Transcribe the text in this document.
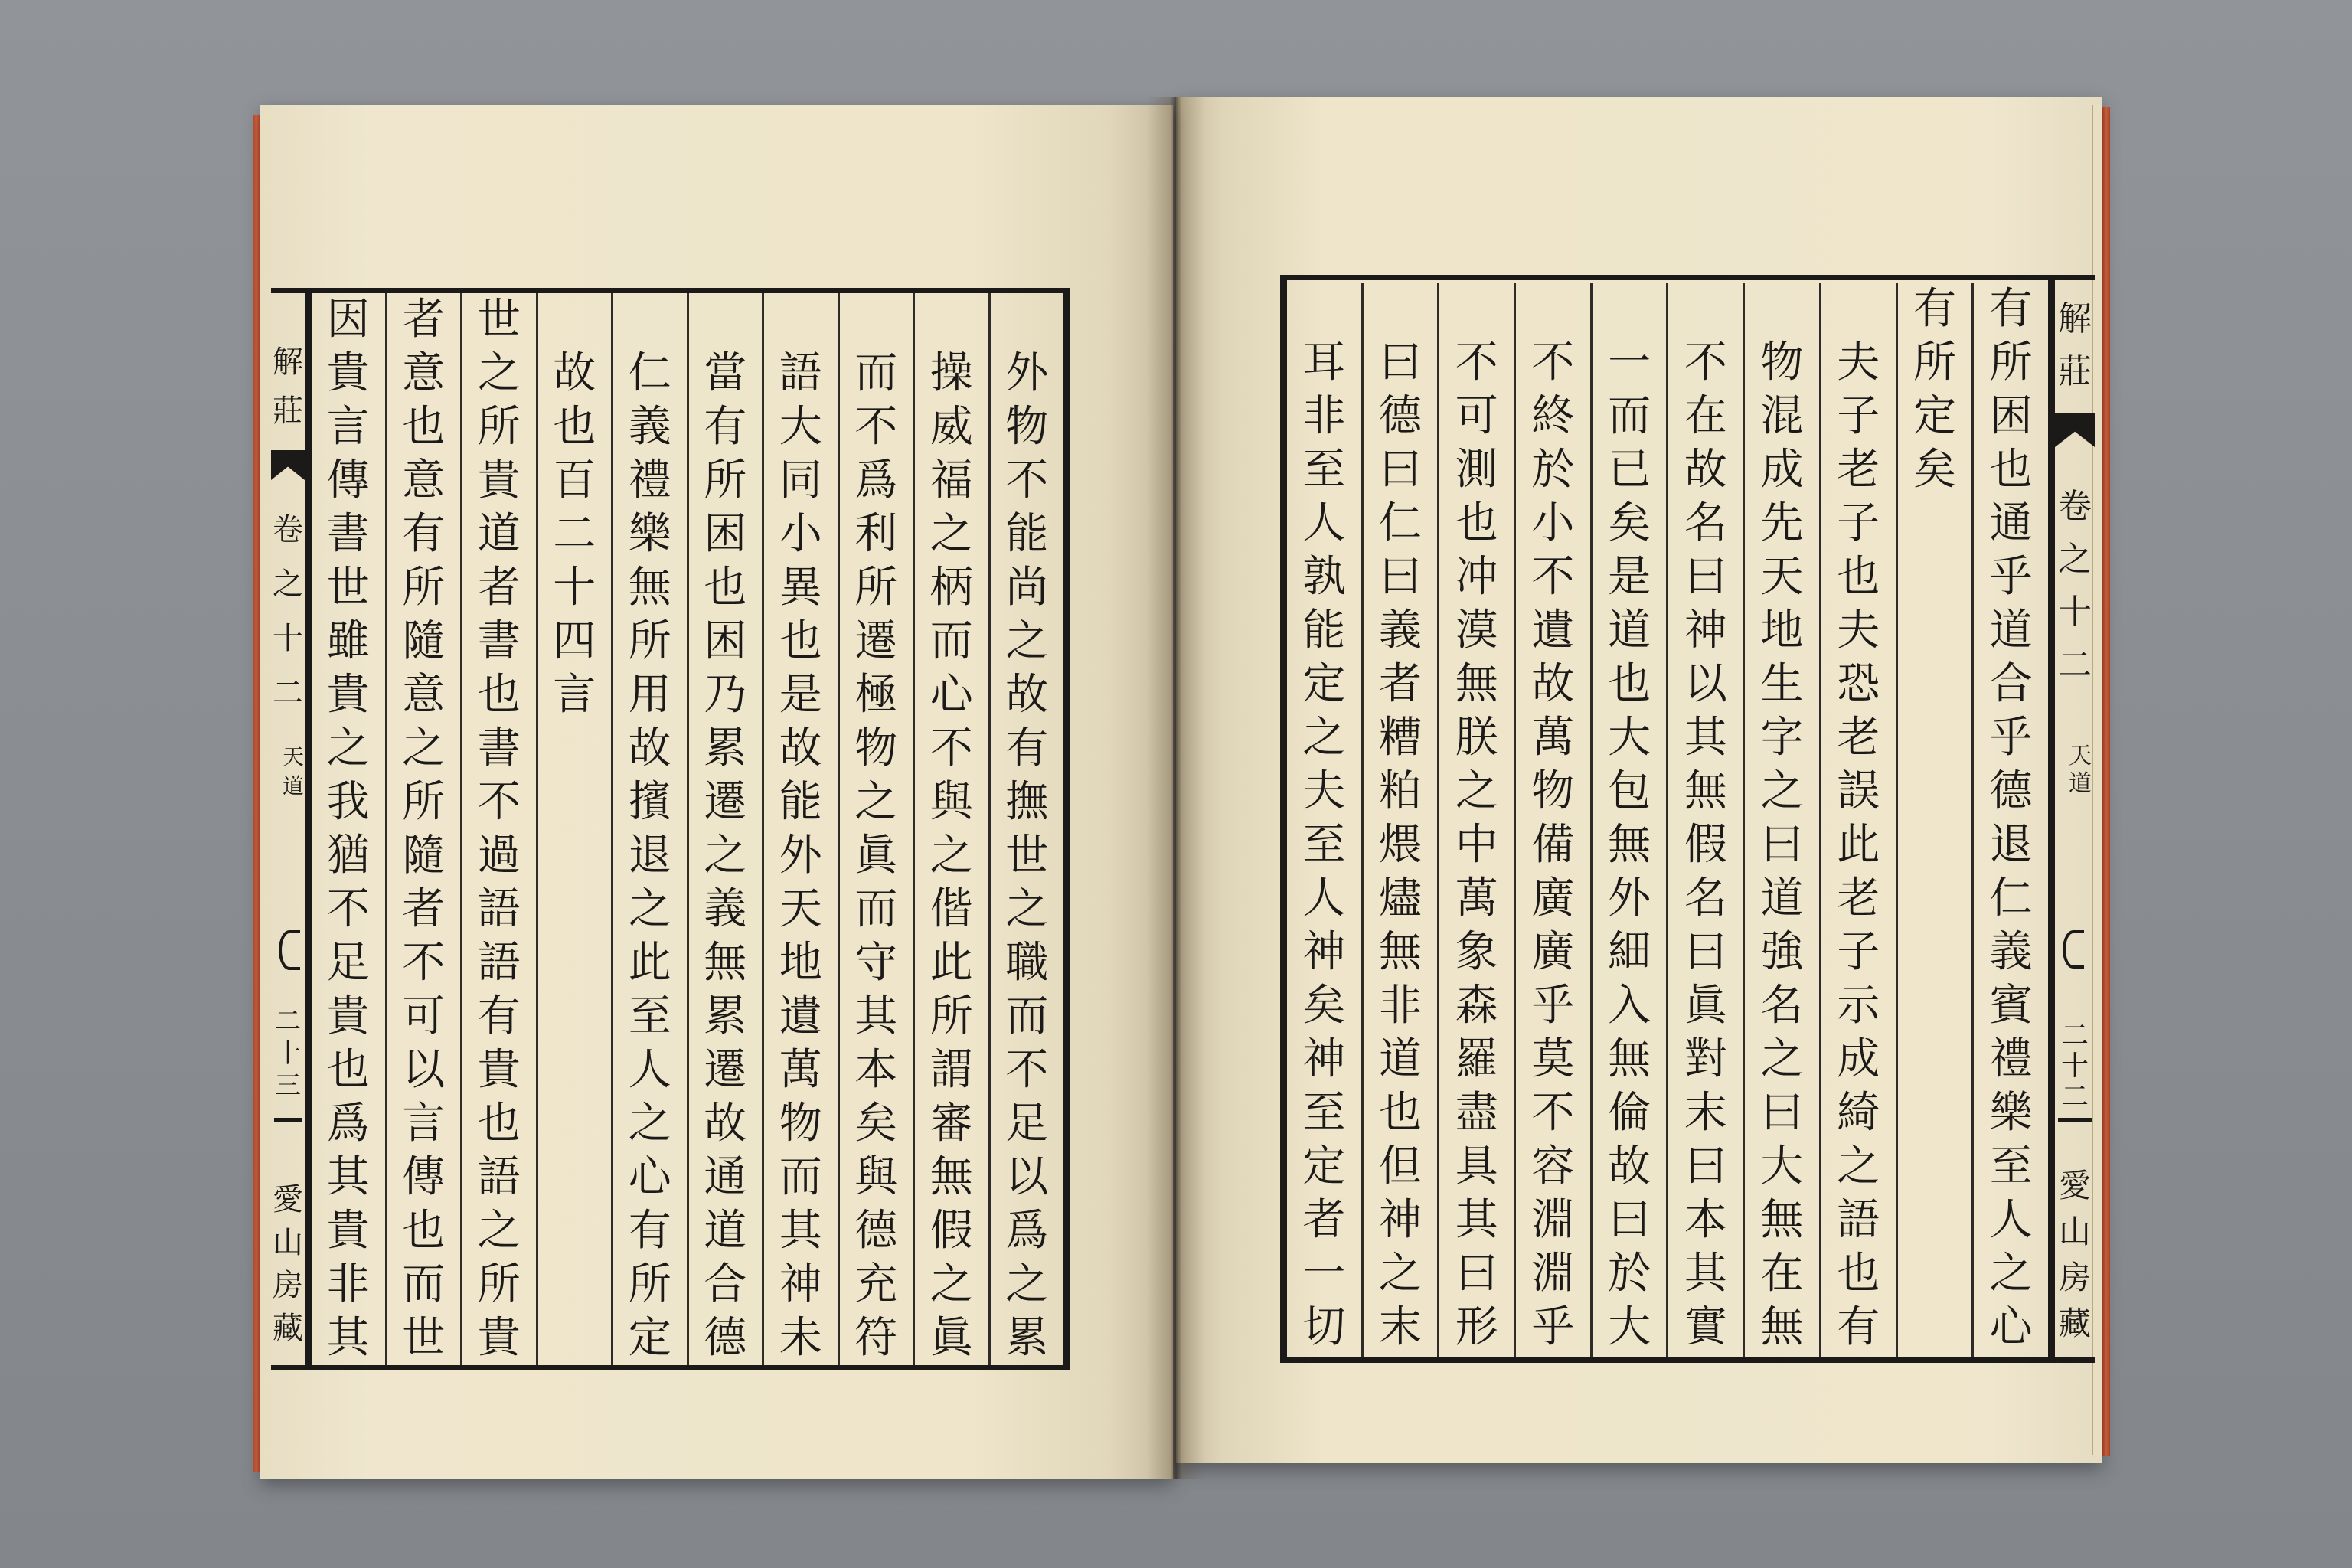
有
所
困
也
通
乎
道
合
乎
德
退
仁
義
賓
禮
樂
至
人
之
心
有
所
定
矣
夫
子
老
子
也
夫
恐
老
誤
此
老
子
示
成
綺
之
語
也
有
物
混
成
先
天
地
生
字
之
曰
道
強
名
之
曰
大
無
在
無
不
在
故
名
曰
神
以
其
無
假
名
曰
眞
對
末
曰
本
其
實
一
而
已
矣
是
道
也
大
包
無
外
細
入
無
倫
故
曰
於
大
不
終
於
小
不
遺
故
萬
物
備
廣
廣
乎
莫
不
容
淵
淵
乎
不
可
測
也
冲
漠
無
朕
之
中
萬
象
森
羅
盡
具
其
曰
形
曰
德
曰
仁
曰
義
者
糟
粕
煨
燼
無
非
道
也
但
神
之
末
耳
非
至
人
孰
能
定
之
夫
至
人
神
矣
神
至
定
者
一
切
解
莊
卷
之
十
二
天
道
二
十
二
愛
山
房
藏
解
莊
卷
之
十
二
天
道
二
十
三
愛
山
房
藏
外
物
不
能
尚
之
故
有
撫
世
之
職
而
不
足
以
爲
之
累
操
威
福
之
柄
而
心
不
與
之
偕
此
所
謂
審
無
假
之
眞
而
不
爲
利
所
遷
極
物
之
眞
而
守
其
本
矣
與
德
充
符
語
大
同
小
異
也
是
故
能
外
天
地
遺
萬
物
而
其
神
未
當
有
所
困
也
困
乃
累
遷
之
義
無
累
遷
故
通
道
合
德
仁
義
禮
樂
無
所
用
故
擯
退
之
此
至
人
之
心
有
所
定
故
也
百
二
十
四
言
世
之
所
貴
道
者
書
也
書
不
過
語
語
有
貴
也
語
之
所
貴
者
意
也
意
有
所
隨
意
之
所
隨
者
不
可
以
言
傳
也
而
世
因
貴
言
傳
書
世
雖
貴
之
我
猶
不
足
貴
也
爲
其
貴
非
其
